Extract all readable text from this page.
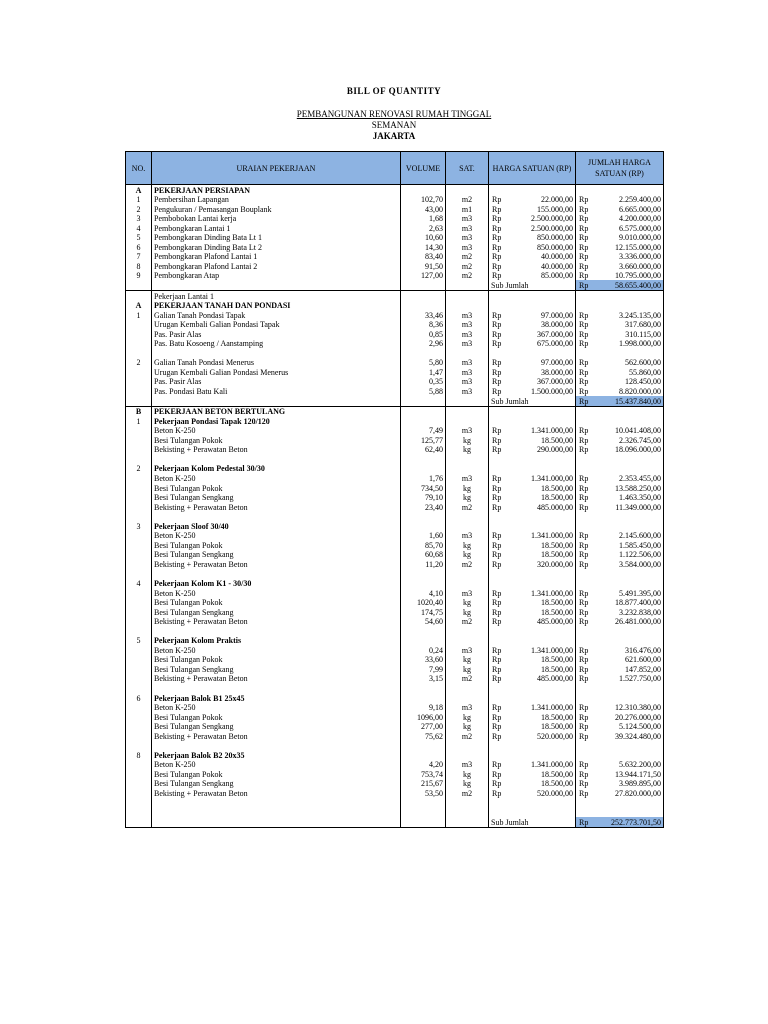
BILL OF QUANTITY
PEMBANGUNAN RENOVASI RUMAH TINGGAL
SEMANAN
JAKARTA
NO.	URAIAN PEKERJAAN	VOLUME	SAT.	HARGA SATUAN (RP)		JUMLAH HARGA SATUAN (RP)	
A	PEKERJAAN PERSIAPAN						
1	Pembersihan Lapangan	102,70	m2	Rp	22.000,00	Rp	2.259.400,00
2	Pengukuran / Pemasangan Bouplank	43,00	m1	Rp	155.000,00	Rp	6.665.000,00
3	Pembobokan Lantai kerja	1,68	m3	Rp	2.500.000,00	Rp	4.200.000,00
4	Pembongkaran Lantai 1	2,63	m3	Rp	2.500.000,00	Rp	6.575.000,00
5	Pembongkaran Dinding Bata Lt 1	10,60	m3	Rp	850.000,00	Rp	9.010.000,00
6	Pembongkaran Dinding Bata Lt 2	14,30	m3	Rp	850.000,00	Rp	12.155.000,00
7	Pembongkaran Plafond Lantai 1	83,40	m2	Rp	40.000,00	Rp	3.336.000,00
8	Pembongkaran Plafond Lantai 2	91,50	m2	Rp	40.000,00	Rp	3.660.000,00
9	Pembongkaran Atap	127,00	m2	Rp	85.000,00	Rp	10.795.000,00
				Sub Jumlah		Rp	58.655.400,00
	Pekerjaan Lantai 1						
A	PEKERJAAN TANAH DAN PONDASI						
1	Galian Tanah Pondasi Tapak	33,46	m3	Rp	97.000,00	Rp	3.245.135,00
	Urugan Kembali Galian Pondasi Tapak	8,36	m3	Rp	38.000,00	Rp	317.680,00
	Pas. Pasir Alas	0,85	m3	Rp	367.000,00	Rp	310.115,00
	Pas. Batu Kosoeng / Aanstamping	2,96	m3	Rp	675.000,00	Rp	1.998.000,00

2	Galian Tanah Pondasi Menerus	5,80	m3	Rp	97.000,00	Rp	562.600,00
	Urugan Kembali Galian Pondasi Menerus	1,47	m3	Rp	38.000,00	Rp	55.860,00
	Pas. Pasir Alas	0,35	m3	Rp	367.000,00	Rp	128.450,00
	Pas. Pondasi Batu Kali	5,88	m3	Rp	1.500.000,00	Rp	8.820.000,00
				Sub Jumlah		Rp	15.437.840,00
B	PEKERJAAN BETON BERTULANG						
1	Pekerjaan Pondasi Tapak 120/120						
	Beton K-250	7,49	m3	Rp	1.341.000,00	Rp	10.041.408,00
	Besi Tulangan Pokok	125,77	kg	Rp	18.500,00	Rp	2.326.745,00
	Bekisting + Perawatan Beton	62,40	kg	Rp	290.000,00	Rp	18.096.000,00

2	Pekerjaan Kolom Pedestal 30/30						
	Beton K-250	1,76	m3	Rp	1.341.000,00	Rp	2.353.455,00
	Besi Tulangan Pokok	734,50	kg	Rp	18.500,00	Rp	13.588.250,00
	Besi Tulangan Sengkang	79,10	kg	Rp	18.500,00	Rp	1.463.350,00
	Bekisting + Perawatan Beton	23,40	m2	Rp	485.000,00	Rp	11.349.000,00

3	Pekerjaan Sloof 30/40						
	Beton K-250	1,60	m3	Rp	1.341.000,00	Rp	2.145.600,00
	Besi Tulangan Pokok	85,70	kg	Rp	18.500,00	Rp	1.585.450,00
	Besi Tulangan Sengkang	60,68	kg	Rp	18.500,00	Rp	1.122.506,00
	Bekisting + Perawatan Beton	11,20	m2	Rp	320.000,00	Rp	3.584.000,00

4	Pekerjaan Kolom K1 - 30/30						
	Beton K-250	4,10	m3	Rp	1.341.000,00	Rp	5.491.395,00
	Besi Tulangan Pokok	1020,40	kg	Rp	18.500,00	Rp	18.877.400,00
	Besi Tulangan Sengkang	174,75	kg	Rp	18.500,00	Rp	3.232.838,00
	Bekisting + Perawatan Beton	54,60	m2	Rp	485.000,00	Rp	26.481.000,00

5	Pekerjaan Kolom Praktis						
	Beton K-250	0,24	m3	Rp	1.341.000,00	Rp	316.476,00
	Besi Tulangan Pokok	33,60	kg	Rp	18.500,00	Rp	621.600,00
	Besi Tulangan Sengkang	7,99	kg	Rp	18.500,00	Rp	147.852,00
	Bekisting + Perawatan Beton	3,15	m2	Rp	485.000,00	Rp	1.527.750,00

6	Pekerjaan Balok B1 25x45						
	Beton K-250	9,18	m3	Rp	1.341.000,00	Rp	12.310.380,00
	Besi Tulangan Pokok	1096,00	kg	Rp	18.500,00	Rp	20.276.000,00
	Besi Tulangan Sengkang	277,00	kg	Rp	18.500,00	Rp	5.124.500,00
	Bekisting + Perawatan Beton	75,62	m2	Rp	520.000,00	Rp	39.324.480,00

8	Pekerjaan Balok B2 20x35						
	Beton K-250	4,20	m3	Rp	1.341.000,00	Rp	5.632.200,00
	Besi Tulangan Pokok	753,74	kg	Rp	18.500,00	Rp	13.944.171,50
	Besi Tulangan Sengkang	215,67	kg	Rp	18.500,00	Rp	3.989.895,00
	Bekisting + Perawatan Beton	53,50	m2	Rp	520.000,00	Rp	27.820.000,00

				Sub Jumlah		Rp	252.773.701,50
